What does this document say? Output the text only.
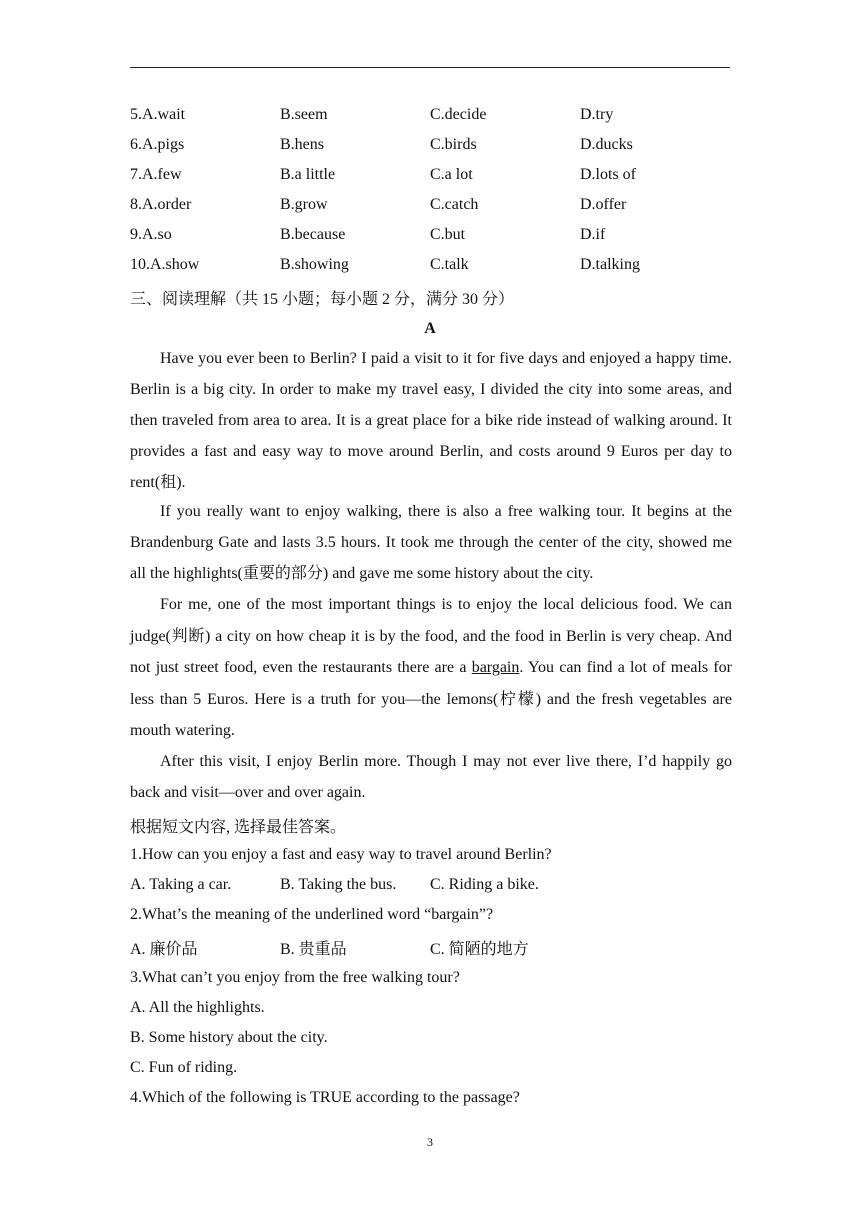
5.A.wait	B.seem	C.decide	D.try
6.A.pigs	B.hens	C.birds	D.ducks
7.A.few	B.a little	C.a lot	D.lots of
8.A.order	B.grow	C.catch	D.offer
9.A.so	B.because	C.but	D.if
10.A.show	B.showing	C.talk	D.talking
三、阅读理解（共 15 小题；每小题 2 分，满分 30 分）
A

Have you ever been to Berlin? I paid a visit to it for five days and enjoyed a happy time. Berlin is a big city. In order to make my travel easy, I divided the city into some areas, and then traveled from area to area. It is a great place for a bike ride instead of walking around. It provides a fast and easy way to move around Berlin, and costs around 9 Euros per day to rent(租).

If you really want to enjoy walking, there is also a free walking tour. It begins at the Brandenburg Gate and lasts 3.5 hours. It took me through the center of the city, showed me all the highlights(重要的部分) and gave me some history about the city.

For me, one of the most important things is to enjoy the local delicious food. We can judge(判断) a city on how cheap it is by the food, and the food in Berlin is very cheap. And not just street food, even the restaurants there are a bargain. You can find a lot of meals for less than 5 Euros. Here is a truth for you—the lemons(柠檬) and the fresh vegetables are mouth watering.

After this visit, I enjoy Berlin more. Though I may not ever live there, I’d happily go back and visit—over and over again.

根据短文内容, 选择最佳答案。
1.How can you enjoy a fast and easy way to travel around Berlin?
A. Taking a car.	B. Taking the bus. C. Riding a bike.
2.What’s the meaning of the underlined word “bargain”?
A. 廉价品	B. 贵重品	C. 简陋的地方
3.What can’t you enjoy from the free walking tour?
A. All the highlights.
B. Some history about the city.
C. Fun of riding.
4.Which of the following is TRUE according to the passage?
3
